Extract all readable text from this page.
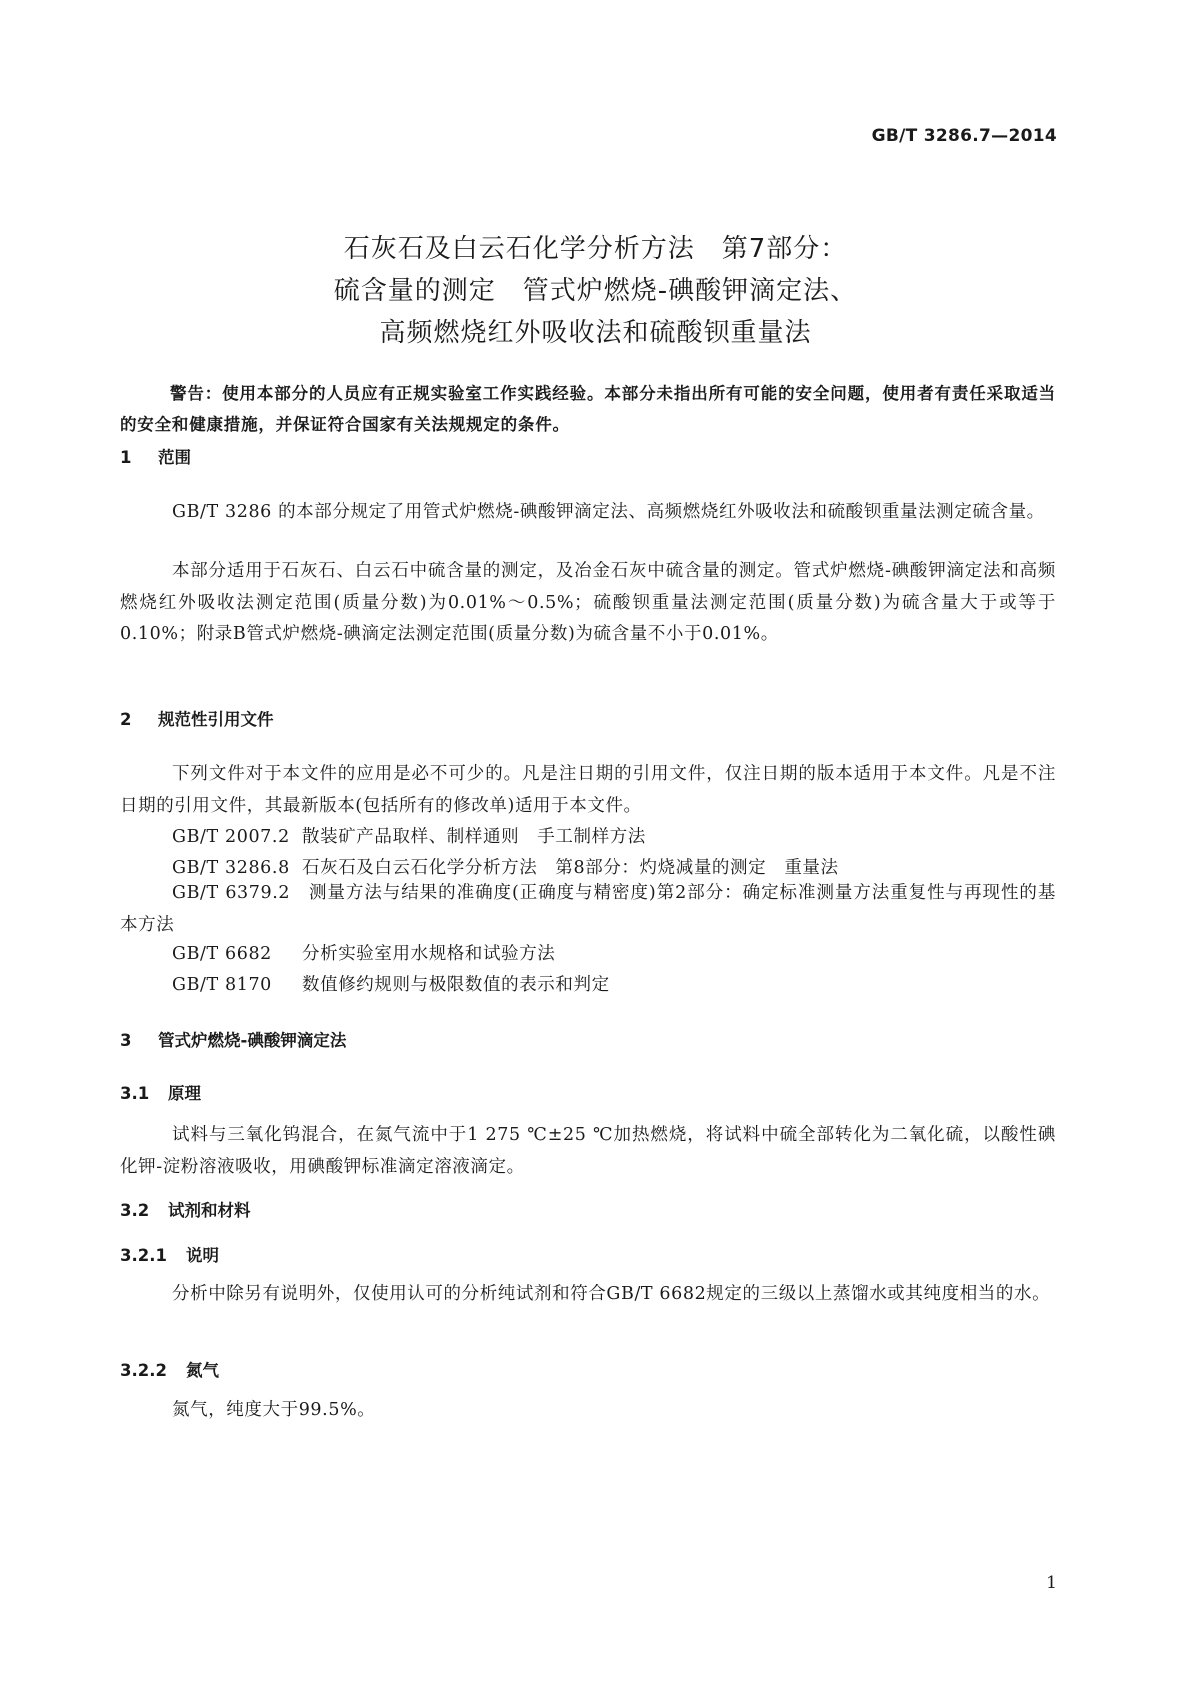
GB/T 3286.7—2014
石灰石及白云石化学分析方法　第7部分：
硫含量的测定　管式炉燃烧-碘酸钾滴定法、
高频燃烧红外吸收法和硫酸钡重量法
警告：使用本部分的人员应有正规实验室工作实践经验。本部分未指出所有可能的安全问题，使用者有责任采取适当的安全和健康措施，并保证符合国家有关法规规定的条件。
1 范围
GB/T 3286 的本部分规定了用管式炉燃烧-碘酸钾滴定法、高频燃烧红外吸收法和硫酸钡重量法测定硫含量。
本部分适用于石灰石、白云石中硫含量的测定，及冶金石灰中硫含量的测定。管式炉燃烧-碘酸钾滴定法和高频燃烧红外吸收法测定范围(质量分数)为0.01%～0.5%；硫酸钡重量法测定范围(质量分数)为硫含量大于或等于0.10%；附录B管式炉燃烧-碘滴定法测定范围(质量分数)为硫含量不小于0.01%。
2 规范性引用文件
下列文件对于本文件的应用是必不可少的。凡是注日期的引用文件，仅注日期的版本适用于本文件。凡是不注日期的引用文件，其最新版本(包括所有的修改单)适用于本文件。
GB/T 2007.2 散装矿产品取样、制样通则　手工制样方法
GB/T 3286.8 石灰石及白云石化学分析方法　第8部分：灼烧减量的测定　重量法
GB/T 6379.2　 测量方法与结果的准确度(正确度与精密度)第2部分：确定标准测量方法重复性与再现性的基本方法
GB/T 6682 分析实验室用水规格和试验方法
GB/T 8170 数值修约规则与极限数值的表示和判定
3 管式炉燃烧-碘酸钾滴定法
3.1 原理
试料与三氧化钨混合，在氮气流中于1 275 ℃±25 ℃加热燃烧，将试料中硫全部转化为二氧化硫，以酸性碘化钾-淀粉溶液吸收，用碘酸钾标准滴定溶液滴定。
3.2 试剂和材料
3.2.1 说明
分析中除另有说明外，仅使用认可的分析纯试剂和符合GB/T 6682规定的三级以上蒸馏水或其纯度相当的水。
3.2.2 氮气
氮气，纯度大于99.5%。
1
